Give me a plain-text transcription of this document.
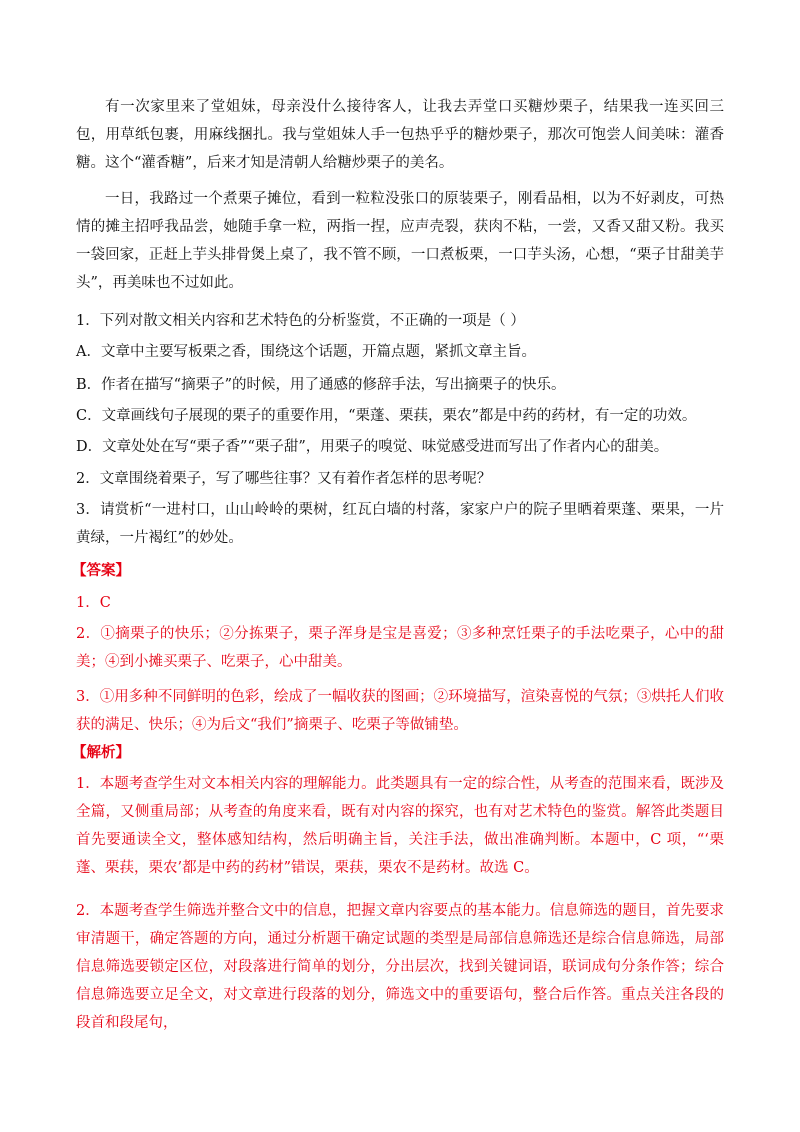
有一次家里来了堂姐妹，母亲没什么接待客人，让我去弄堂口买糖炒栗子，结果我一连买回三包，用草纸包裹，用麻线捆扎。我与堂姐妹人手一包热乎乎的糖炒栗子，那次可饱尝人间美味：灌香糖。这个“灌香糖”，后来才知是清朝人给糖炒栗子的美名。

一日，我路过一个煮栗子摊位，看到一粒粒没张口的原装栗子，刚看品相，以为不好剥皮，可热情的摊主招呼我品尝，她随手拿一粒，两指一捏，应声壳裂，获肉不粘，一尝，又香又甜又粉。我买一袋回家，正赶上芋头排骨煲上桌了，我不管不顾，一口煮板栗，一口芋头汤，心想，“栗子甘甜美芋头”，再美味也不过如此。

1．下列对散文相关内容和艺术特色的分析鉴赏，不正确的一项是（ ）

A．文章中主要写板栗之香，围绕这个话题，开篇点题，紧抓文章主旨。

B．作者在描写“摘栗子”的时候，用了通感的修辞手法，写出摘栗子的快乐。

C．文章画线句子展现的栗子的重要作用，“栗蓬、栗荴，栗农”都是中药的药材，有一定的功效。

D．文章处处在写“栗子香”“栗子甜”，用栗子的嗅觉、味觉感受进而写出了作者内心的甜美。

2．文章围绕着栗子，写了哪些往事？又有着作者怎样的思考呢？

3．请赏析“一进村口，山山岭岭的栗树，红瓦白墙的村落，家家户户的院子里晒着栗蓬、栗果，一片黄绿，一片褐红”的妙处。

【答案】

1．C

2．①摘栗子的快乐；②分拣栗子，栗子浑身是宝是喜爱；③多种烹饪栗子的手法吃栗子，心中的甜美；④到小摊买栗子、吃栗子，心中甜美。

3．①用多种不同鲜明的色彩，绘成了一幅收获的图画；②环境描写，渲染喜悦的气氛；③烘托人们收获的满足、快乐；④为后文“我们”摘栗子、吃栗子等做铺垫。

【解析】

1．本题考查学生对文本相关内容的理解能力。此类题具有一定的综合性，从考查的范围来看，既涉及全篇，又侧重局部；从考查的角度来看，既有对内容的探究，也有对艺术特色的鉴赏。解答此类题目首先要通读全文，整体感知结构，然后明确主旨，关注手法，做出准确判断。本题中，C 项，“‘栗蓬、栗荴，栗农’都是中药的药材”错误，栗荴，栗农不是药材。故选 C。

2．本题考查学生筛选并整合文中的信息，把握文章内容要点的基本能力。信息筛选的题目，首先要求审清题干，确定答题的方向，通过分析题干确定试题的类型是局部信息筛选还是综合信息筛选，局部信息筛选要锁定区位，对段落进行简单的划分，分出层次，找到关键词语，联词成句分条作答；综合信息筛选要立足全文，对文章进行段落的划分，筛选文中的重要语句，整合后作答。重点关注各段的段首和段尾句，
